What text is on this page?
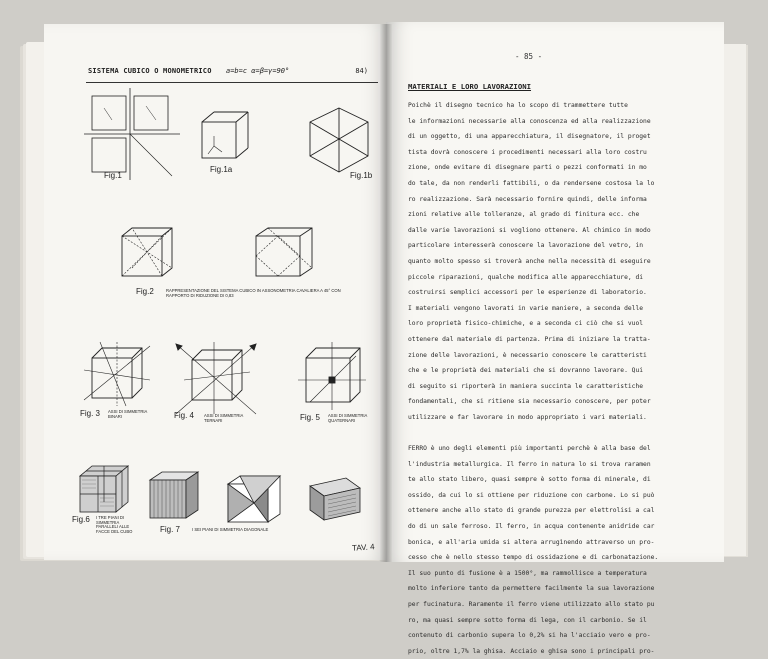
SISTEMA CUBICO O MONOMETRICO a=b=c α=β=γ=90°	84)
Fig.1
Fig.1a
Fig.1b
Fig.2	RAPPRESENTAZIONE DEL SISTEMA CUBICO IN ASSONOMETRIA CAVALIERA A 45° CON RAPPORTO DI RIDUZIONE DI 0,83
Fig. 3 ASSI DI SIMMETRIA BINARI	Fig. 4 ASSI DI SIMMETRIA TERNARI	Fig. 5 ASSI DI SIMMETRIA QUATERNARI
Fig.6 I TRE PIANI DI SIMMETRIA PARALLELI ALLE FACCE DEL CUBO	Fig. 7	I SEI PIANI DI SIMMETRIA DIAGONALE
TAV. 4
- 85 -
MATERIALI E LORO LAVORAZIONI
Poichè il disegno tecnico ha lo scopo di trammettere tutte
le informazioni necessarie alla conoscenza ed alla realizzazione
di un oggetto, di una apparecchiatura, il disegnatore, il proget
tista dovrà conoscere i procedimenti necessari alla loro costru
zione, onde evitare di disegnare parti o pezzi conformati in mo
do tale, da non renderli fattibili, o da rendersene costosa la lo
ro realizzazione. Sarà necessario fornire quindi, delle informa
zioni relative alle tolleranze, al grado di finitura ecc. che
dalle varie lavorazioni si vogliono ottenere. Al chimico in modo
particolare interesserà conoscere la lavorazione del vetro, in
quanto molto spesso si troverà anche nella necessità di eseguire
piccole riparazioni, qualche modifica alle apparecchiature, di
costruirsi semplici accessori per le esperienze di laboratorio.
I materiali vengono lavorati in varie maniere, a seconda delle
loro proprietà fisico-chimiche, e a seconda ci ciò che si vuol
ottenere dal materiale di partenza. Prima di iniziare la tratta-
zione delle lavorazioni, è necessario conoscere le caratteristi
che e le proprietà dei materiali che si dovranno lavorare. Qui
di seguito si riporterà in maniera succinta le caratteristiche
fondamentali, che si ritiene sia necessario conoscere, per poter
utilizzare e far lavorare in modo appropriato i vari materiali.
FERRO è uno degli elementi più importanti perchè è alla base del
l'industria metallurgica. Il ferro in natura lo si trova raramen
te allo stato libero, quasi sempre è sotto forma di minerale, di
ossido, da cui lo si ottiene per riduzione con carbone. Lo si può
ottenere anche allo stato di grande purezza per elettrolisi a cal
do di un sale ferroso. Il ferro, in acqua contenente anidride car
bonica, e all'aria umida si altera arrugìnendo attraverso un pro-
cesso che è nello stesso tempo di ossidazione e di carbonatazione.
Il suo punto di fusione è a 1500°, ma rammollisce a temperatura
molto inferiore tanto da permettere facilmente la sua lavorazione
per fucinatura. Raramente il ferro viene utilizzato allo stato pu
ro, ma quasi sempre sotto forma di lega, con il carbonio. Se il
contenuto di carbonio supera lo 0,2% si ha l'acciaio vero e pro-
prio, oltre 1,7% la ghisa. Acciaio e ghisa sono i principali pro-
